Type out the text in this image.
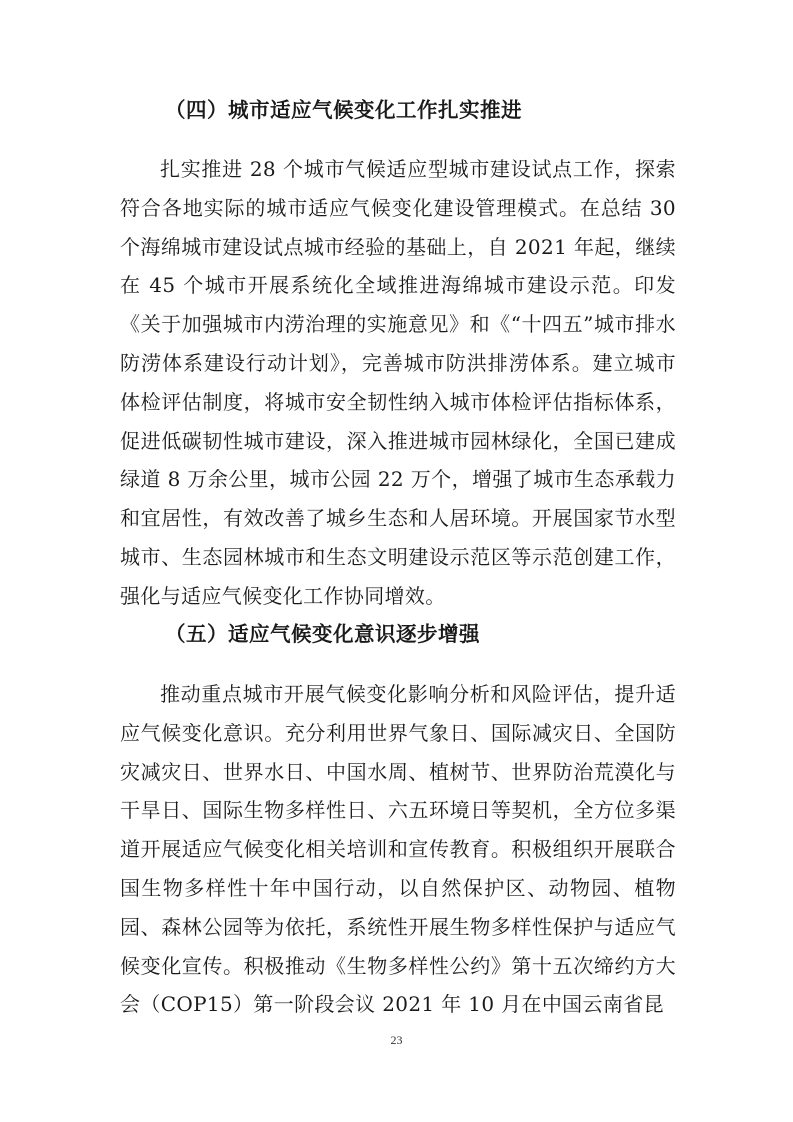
（四）城市适应气候变化工作扎实推进

扎实推进 28 个城市气候适应型城市建设试点工作，探索符合各地实际的城市适应气候变化建设管理模式。在总结 30 个海绵城市建设试点城市经验的基础上，自 2021 年起，继续在 45 个城市开展系统化全域推进海绵城市建设示范。印发《关于加强城市内涝治理的实施意见》和《“十四五”城市排水防涝体系建设行动计划》，完善城市防洪排涝体系。建立城市体检评估制度，将城市安全韧性纳入城市体检评估指标体系，促进低碳韧性城市建设，深入推进城市园林绿化，全国已建成绿道 8 万余公里，城市公园 22 万个，增强了城市生态承载力和宜居性，有效改善了城乡生态和人居环境。开展国家节水型城市、生态园林城市和生态文明建设示范区等示范创建工作，强化与适应气候变化工作协同增效。

（五）适应气候变化意识逐步增强

推动重点城市开展气候变化影响分析和风险评估，提升适应气候变化意识。充分利用世界气象日、国际减灾日、全国防灾减灾日、世界水日、中国水周、植树节、世界防治荒漠化与干旱日、国际生物多样性日、六五环境日等契机，全方位多渠道开展适应气候变化相关培训和宣传教育。积极组织开展联合国生物多样性十年中国行动，以自然保护区、动物园、植物园、森林公园等为依托，系统性开展生物多样性保护与适应气候变化宣传。积极推动《生物多样性公约》第十五次缔约方大会（COP15）第一阶段会议 2021 年 10 月在中国云南省昆

23
